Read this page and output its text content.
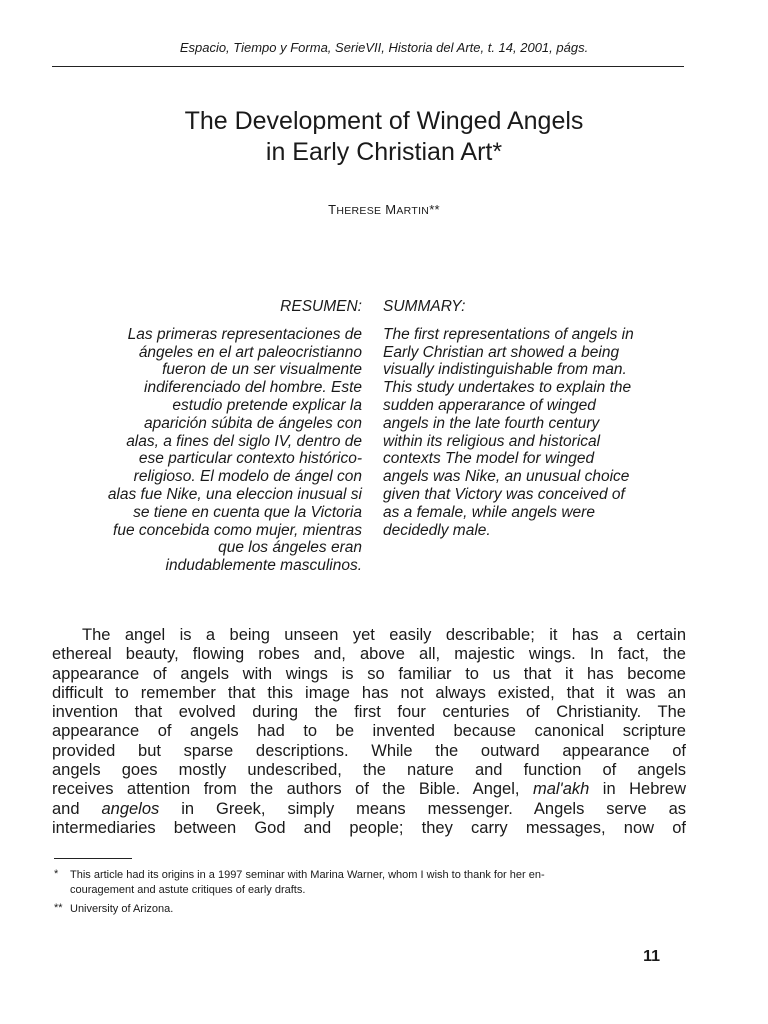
Espacio, Tiempo y Forma, SerieVII, Historia del Arte, t. 14, 2001, págs.
The Development of Winged Angels
in Early Christian Art*
THERESE MARTIN**
RESUMEN:
Las primeras representaciones de
ángeles en el art paleocristianno
fueron de un ser visualmente
indiferenciado del hombre. Este
estudio pretende explicar la
aparición súbita de ángeles con
alas, a fines del siglo IV, dentro de
ese particular contexto histórico-
religioso. El modelo de ángel con
alas fue Nike, una eleccion inusual si
se tiene en cuenta que la Victoria
fue concebida como mujer, mientras
que los ángeles eran
indudablemente masculinos.
SUMMARY:
The first representations of angels in
Early Christian art showed a being
visually indistinguishable from man.
This study undertakes to explain the
sudden apperarance of winged
angels in the late fourth century
within its religious and historical
contexts The model for winged
angels was Nike, an unusual choice
given that Victory was conceived of
as a female, while angels were
decidedly male.
The angel is a being unseen yet easily describable; it has a certain
ethereal beauty, flowing robes and, above all, majestic wings. In fact, the
appearance of angels with wings is so familiar to us that it has become
difficult to remember that this image has not always existed, that it was an
invention that evolved during the first four centuries of Christianity. The
appearance of angels had to be invented because canonical scripture
provided but sparse descriptions. While the outward appearance of
angels goes mostly undescribed, the nature and function of angels
receives attention from the authors of the Bible. Angel, mal'akh in Hebrew
and angelos in Greek, simply means messenger. Angels serve as
intermediaries between God and people; they carry messages, now of
* This article had its origins in a 1997 seminar with Marina Warner, whom I wish to thank for her en-
couragement and astute critiques of early drafts.
** University of Arizona.
11
